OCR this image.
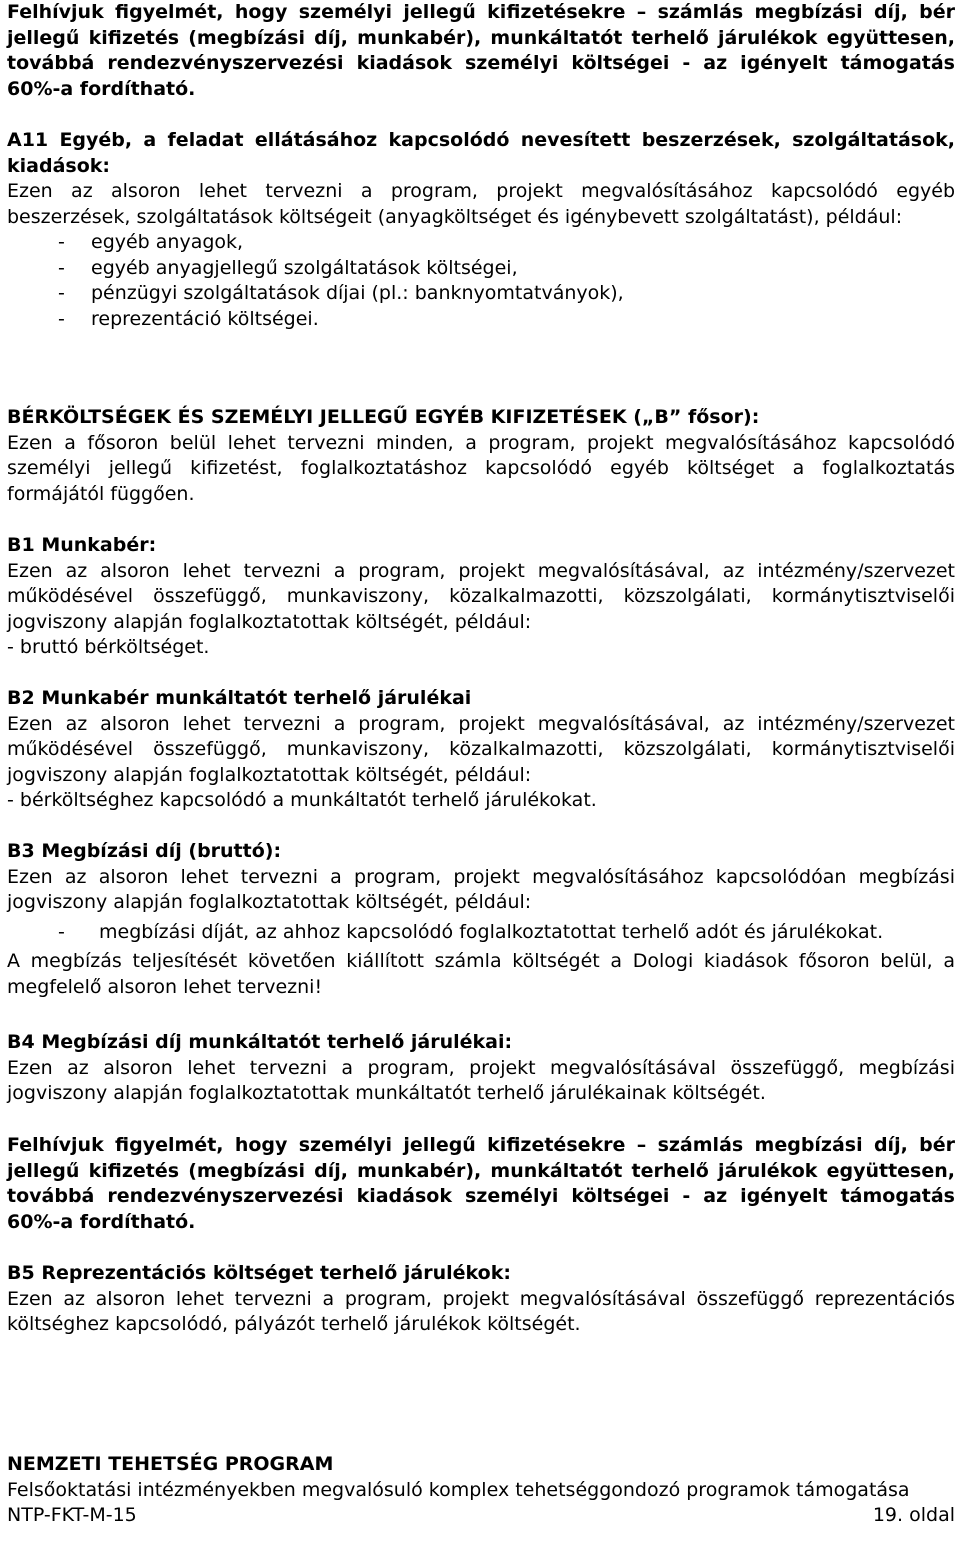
Felhívjuk figyelmét, hogy személyi jellegű kifizetésekre – számlás megbízási díj, bér jellegű kifizetés (megbízási díj, munkabér), munkáltatót terhelő járulékok együttesen, továbbá rendezvényszervezési kiadások személyi költségei - az igényelt támogatás 60%-a fordítható.

A11 Egyéb, a feladat ellátásához kapcsolódó nevesített beszerzések, szolgáltatások, kiadások:

Ezen az alsoron lehet tervezni a program, projekt megvalósításához kapcsolódó egyéb beszerzések, szolgáltatások költségeit (anyagköltséget és igénybevett szolgáltatást), például:

-	egyéb anyagok,
-	egyéb anyagjellegű szolgáltatások költségei,
-	pénzügyi szolgáltatások díjai (pl.: banknyomtatványok),
-	reprezentáció költségei.

BÉRKÖLTSÉGEK ÉS SZEMÉLYI JELLEGŰ EGYÉB KIFIZETÉSEK („B” fősor):

Ezen a fősoron belül lehet tervezni minden, a program, projekt megvalósításához kapcsolódó személyi jellegű kifizetést, foglalkoztatáshoz kapcsolódó egyéb költséget a foglalkoztatás formájától függően.

B1 Munkabér:

Ezen az alsoron lehet tervezni a program, projekt megvalósításával, az intézmény/szervezet működésével összefüggő, munkaviszony, közalkalmazotti, közszolgálati, kormánytisztviselői jogviszony alapján foglalkoztatottak költségét, például:

- bruttó bérköltséget.

B2 Munkabér munkáltatót terhelő járulékai

Ezen az alsoron lehet tervezni a program, projekt megvalósításával, az intézmény/szervezet működésével összefüggő, munkaviszony, közalkalmazotti, közszolgálati, kormánytisztviselői jogviszony alapján foglalkoztatottak költségét, például:

- bérköltséghez kapcsolódó a munkáltatót terhelő járulékokat.

B3 Megbízási díj (bruttó):

Ezen az alsoron lehet tervezni a program, projekt megvalósításához kapcsolódóan megbízási jogviszony alapján foglalkoztatottak költségét, például:

-	megbízási díját, az ahhoz kapcsolódó foglalkoztatottat terhelő adót és járulékokat.

A megbízás teljesítését követően kiállított számla költségét a Dologi kiadások fősoron belül, a megfelelő alsoron lehet tervezni!

B4 Megbízási díj munkáltatót terhelő járulékai:

Ezen az alsoron lehet tervezni a program, projekt megvalósításával összefüggő, megbízási jogviszony alapján foglalkoztatottak munkáltatót terhelő járulékainak költségét.

Felhívjuk figyelmét, hogy személyi jellegű kifizetésekre – számlás megbízási díj, bér jellegű kifizetés (megbízási díj, munkabér), munkáltatót terhelő járulékok együttesen, továbbá rendezvényszervezési kiadások személyi költségei - az igényelt támogatás 60%-a fordítható.

B5 Reprezentációs költséget terhelő járulékok:

Ezen az alsoron lehet tervezni a program, projekt megvalósításával összefüggő reprezentációs költséghez kapcsolódó, pályázót terhelő járulékok költségét.

NEMZETI TEHETSÉG PROGRAM

Felsőoktatási intézményekben megvalósuló komplex tehetséggondozó programok támogatása

NTP-FKT-M-15	19. oldal
